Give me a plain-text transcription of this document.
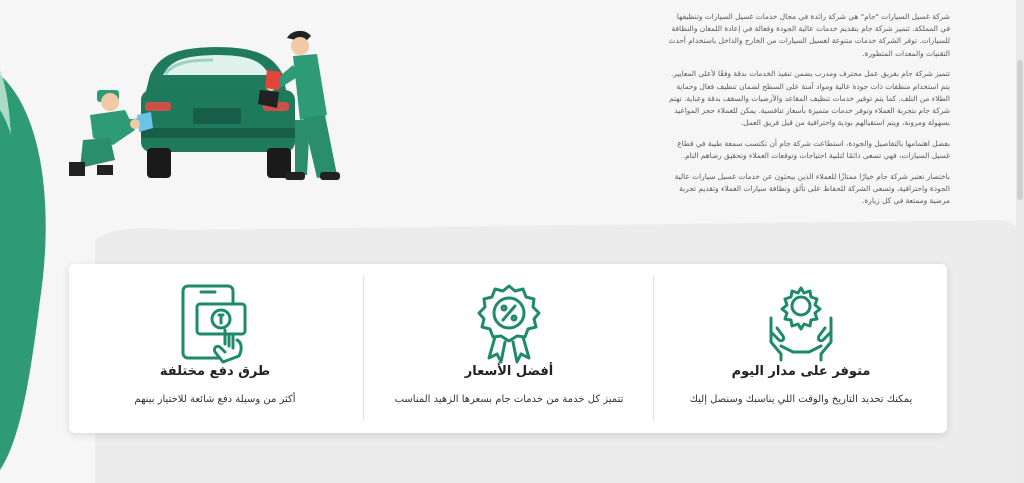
شركة غسيل السيارات "جام" هي شركة رائدة في مجال خدمات غسيل السيارات وتنظيفها في المملكة. تتميز شركة جام بتقديم خدمات عالية الجودة وفعالة في إعادة اللمعان والنظافة للسيارات. توفر الشركة خدمات متنوعة لغسيل السيارات من الخارج والداخل باستخدام أحدث التقنيات والمعدات المتطورة.

تتميز شركة جام بفريق عمل محترف ومدرب يضمن تنفيذ الخدمات بدقة وفقًا لأعلى المعايير. يتم استخدام منظفات ذات جودة عالية ومواد آمنة على السطح لضمان تنظيف فعال وحماية الطلاء من التلف. كما يتم توفير خدمات تنظيف المقاعد والأرضيات والسقف بدقة وعناية. تهتم شركة جام بتجربة العملاء وتوفر خدمات متميزة بأسعار تنافسية. يمكن للعملاء حجز المواعيد بسهولة ومرونة، ويتم استقبالهم بودية واحترافية من قبل فريق العمل.

بفضل اهتمامها بالتفاصيل والجودة، استطاعت شركة جام أن تكتسب سمعة طيبة في قطاع غسيل السيارات، فهي تسعى دائمًا لتلبية احتياجات وتوقعات العملاء وتحقيق رضاهم التام.

باختصار تعتبر شركة جام خيارًا ممتازًا للعملاء الذين يبحثون عن خدمات غسيل سيارات عالية الجودة واحترافية، وتسعى الشركة للحفاظ على تألق ونظافة سيارات العملاء وتقديم تجربة مرضية وممتعة في كل زيارة.

طرق دفع مختلفة

أكثر من وسيلة دفع شائعة للاختيار بينهم

أفضل الأسعار

تتميز كل خدمة من خدمات جام بسعرها الزهيد المناسب

متوفر على مدار اليوم

يمكنك تحديد التاريخ والوقت اللي يناسبك وسنصل إليك
